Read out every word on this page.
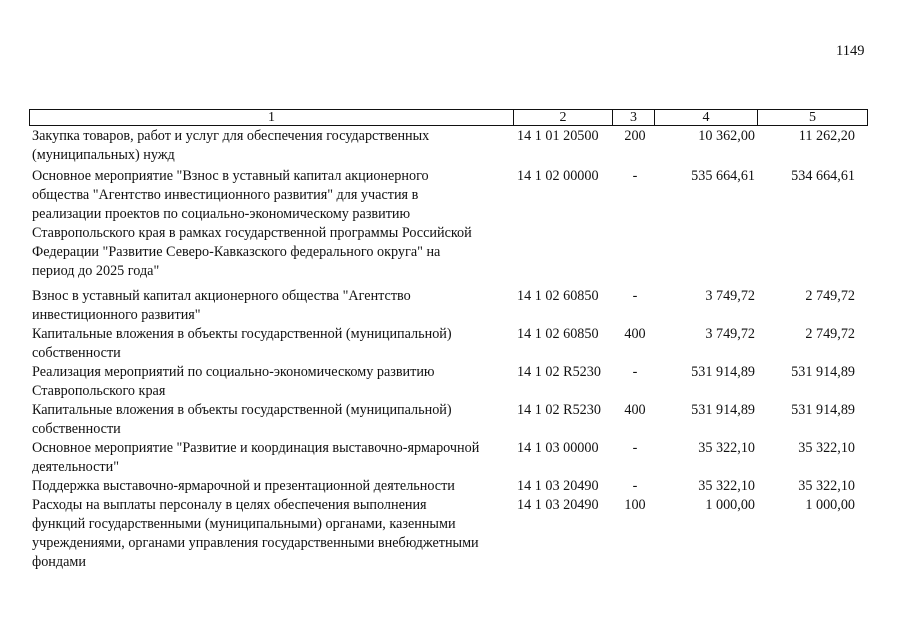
1149
1	2	3	4	5
Закупка товаров, работ и услуг для обеспечения государственных
(муниципальных) нужд
14 1 01 20500	200	10 362,00	11 262,20
Основное мероприятие "Взнос в уставный капитал акционерного
общества "Агентство инвестиционного развития" для участия в
реализации проектов по социально-экономическому развитию
Ставропольского края в рамках государственной программы Российской
Федерации "Развитие Северо-Кавказского федерального округа" на
период до 2025 года"
14 1 02 00000	-	535 664,61	534 664,61
Взнос в уставный капитал акционерного общества "Агентство
инвестиционного развития"
14 1 02 60850	-	3 749,72	2 749,72
Капитальные вложения в объекты государственной (муниципальной)
собственности
14 1 02 60850	400	3 749,72	2 749,72
Реализация мероприятий по социально-экономическому развитию
Ставропольского края
14 1 02 R5230	-	531 914,89	531 914,89
Капитальные вложения в объекты государственной (муниципальной)
собственности
14 1 02 R5230	400	531 914,89	531 914,89
Основное мероприятие "Развитие и координация выставочно-ярмарочной
деятельности"
14 1 03 00000	-	35 322,10	35 322,10
Поддержка выставочно-ярмарочной и презентационной деятельности	14 1 03 20490	-	35 322,10	35 322,10
Расходы на выплаты персоналу в целях обеспечения выполнения
функций государственными (муниципальными) органами, казенными
учреждениями, органами управления государственными внебюджетными
фондами
14 1 03 20490	100	1 000,00	1 000,00
